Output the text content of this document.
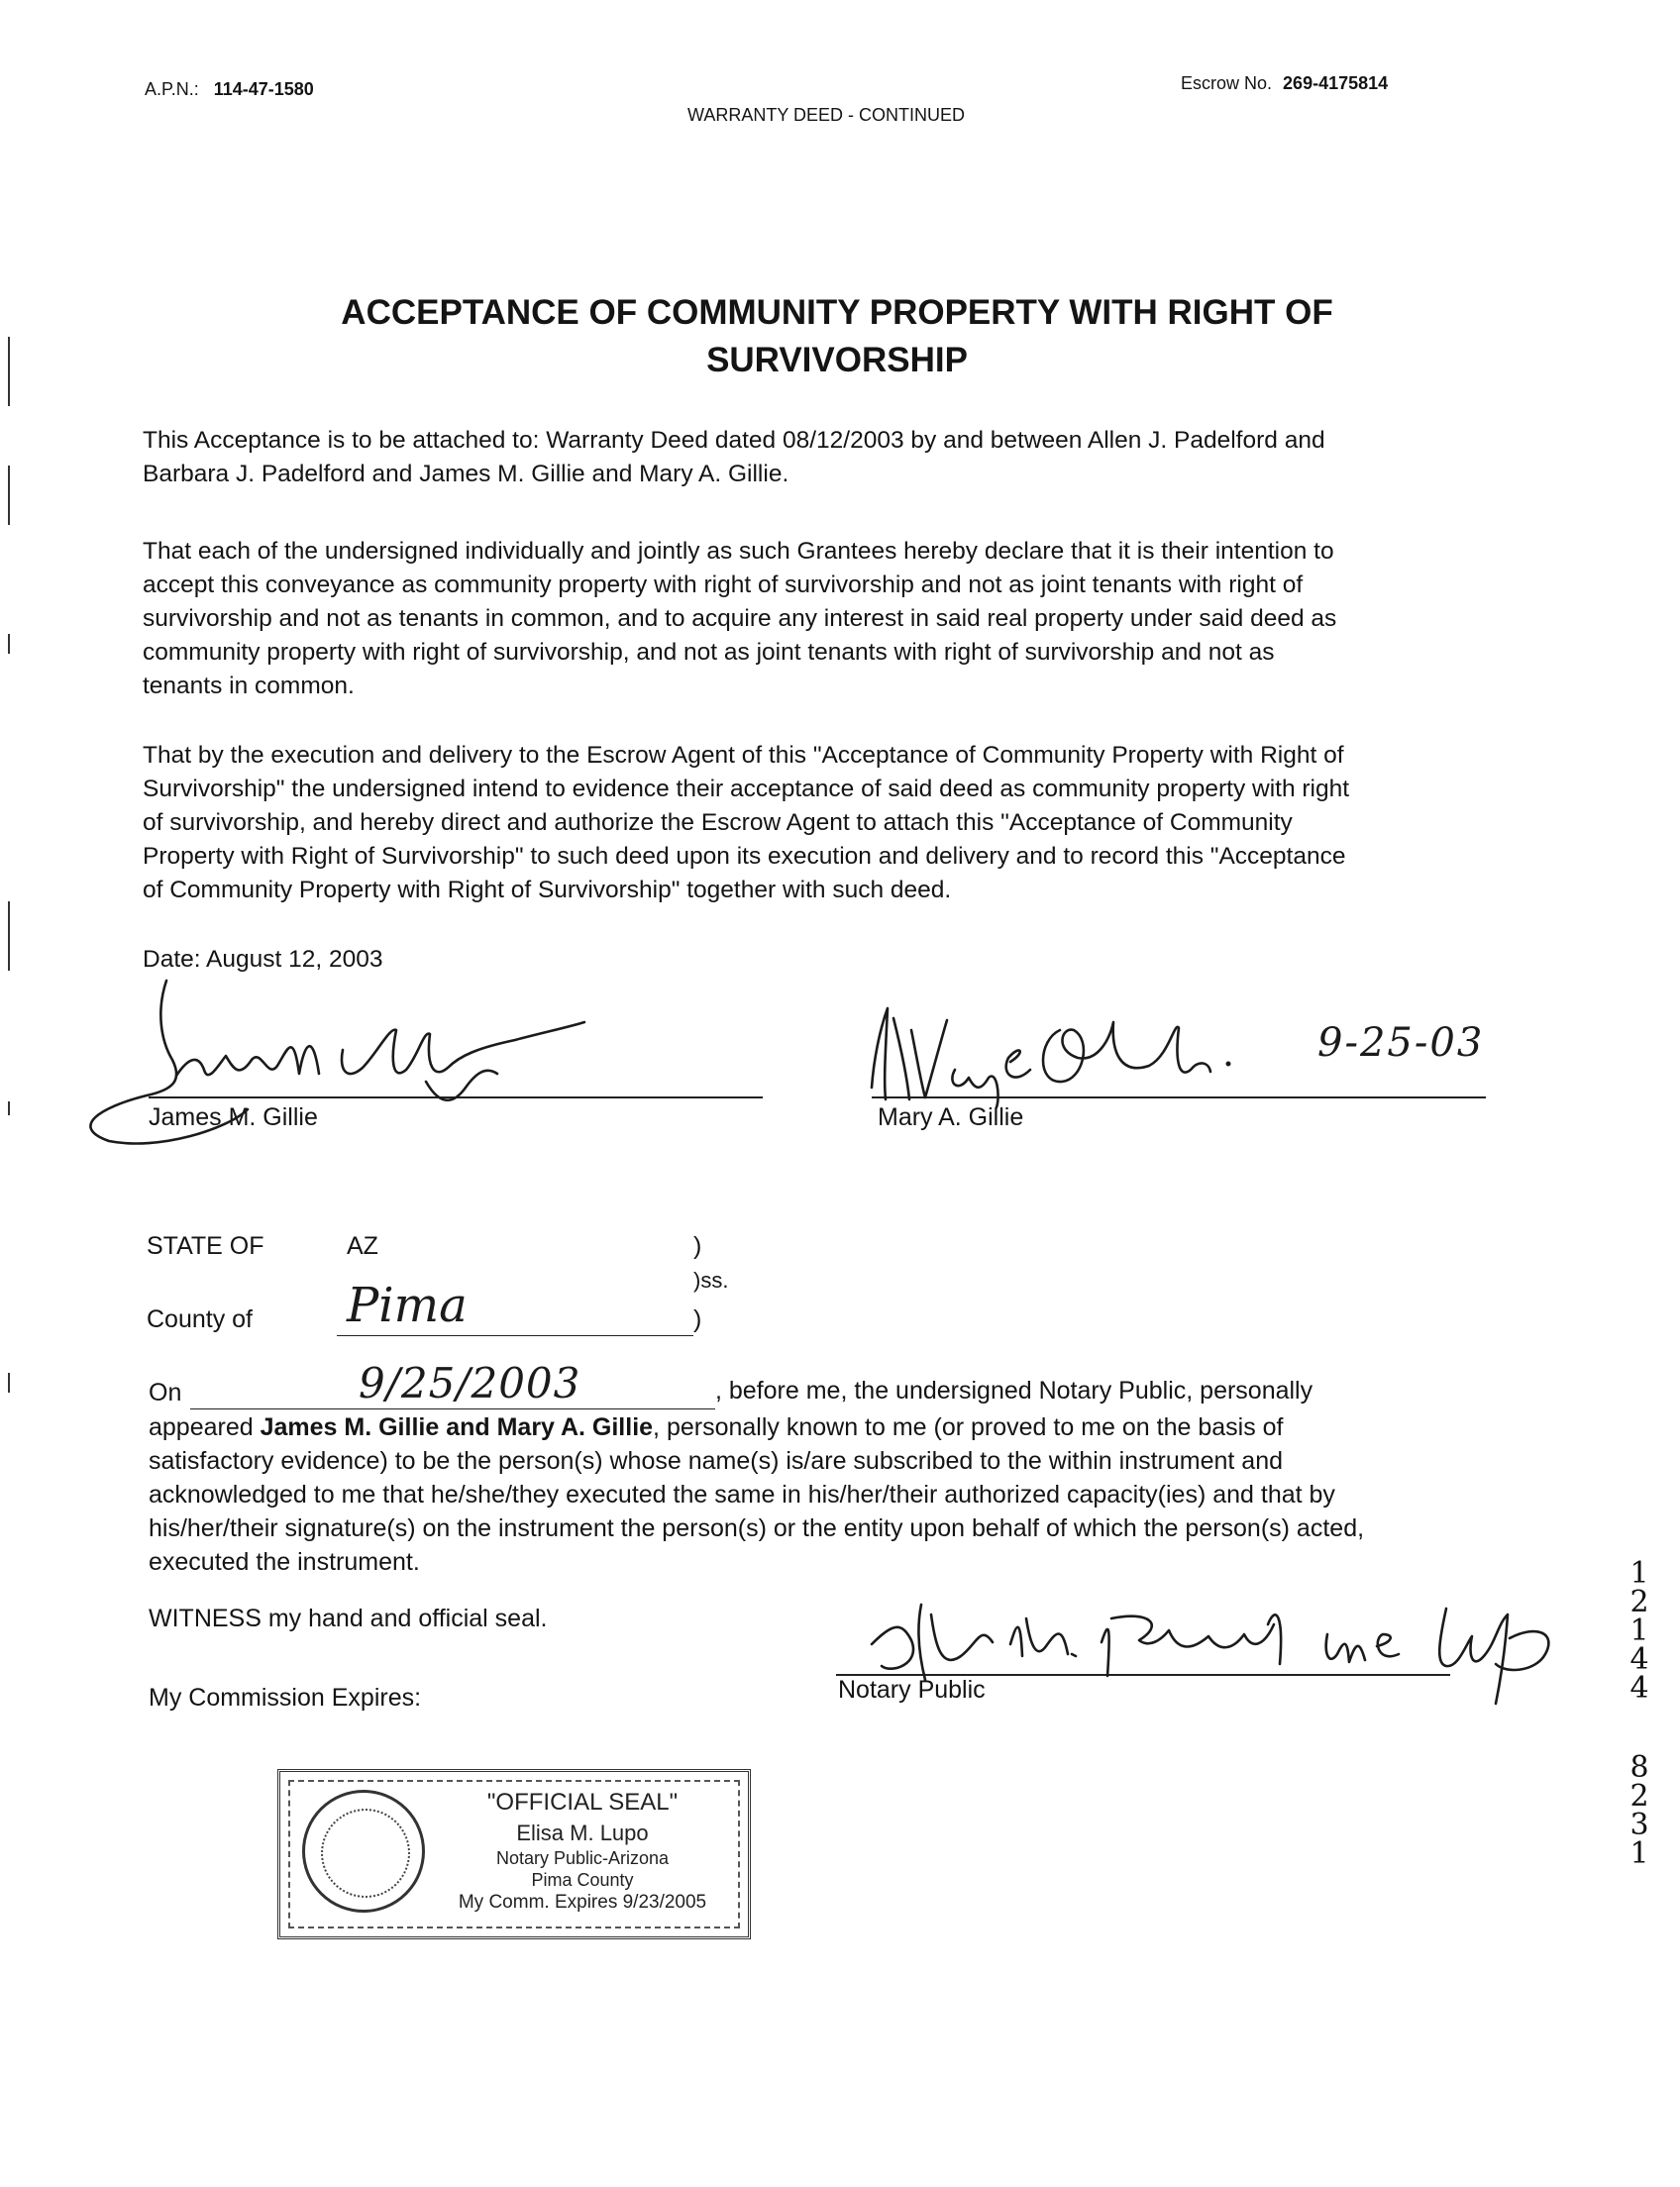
A.P.N.: 114-47-1580	Escrow No. 269-4175814
WARRANTY DEED - CONTINUED
ACCEPTANCE OF COMMUNITY PROPERTY WITH RIGHT OF
SURVIVORSHIP
This Acceptance is to be attached to: Warranty Deed dated 08/12/2003 by and between Allen J. Padelford and
Barbara J. Padelford and James M. Gillie and Mary A. Gillie.
That each of the undersigned individually and jointly as such Grantees hereby declare that it is their intention to
accept this conveyance as community property with right of survivorship and not as joint tenants with right of
survivorship and not as tenants in common, and to acquire any interest in said real property under said deed as
community property with right of survivorship, and not as joint tenants with right of survivorship and not as
tenants in common.
That by the execution and delivery to the Escrow Agent of this "Acceptance of Community Property with Right of
Survivorship" the undersigned intend to evidence their acceptance of said deed as community property with right
of survivorship, and hereby direct and authorize the Escrow Agent to attach this "Acceptance of Community
Property with Right of Survivorship" to such deed upon its execution and delivery and to record this "Acceptance
of Community Property with Right of Survivorship" together with such deed.
Date: August 12, 2003
James M. Gillie	Mary A. Gillie
9-25-03
STATE OF	AZ	)
)ss.
County of Pima	)
On	9/25/2003	, before me, the undersigned Notary Public, personally
appeared James M. Gillie and Mary A. Gillie, personally known to me (or proved to me on the basis of
satisfactory evidence) to be the person(s) whose name(s) is/are subscribed to the within instrument and
acknowledged to me that he/she/they executed the same in his/her/their authorized capacity(ies) and that by
his/her/their signature(s) on the instrument the person(s) or the entity upon behalf of which the person(s) acted,
executed the instrument.
WITNESS my hand and official seal.
My Commission Expires:	Notary Public
"OFFICIAL SEAL"
Elisa M. Lupo
Notary Public-Arizona
Pima County
My Comm. Expires 9/23/2005
1
2
1
4
4
8
2
3
1
